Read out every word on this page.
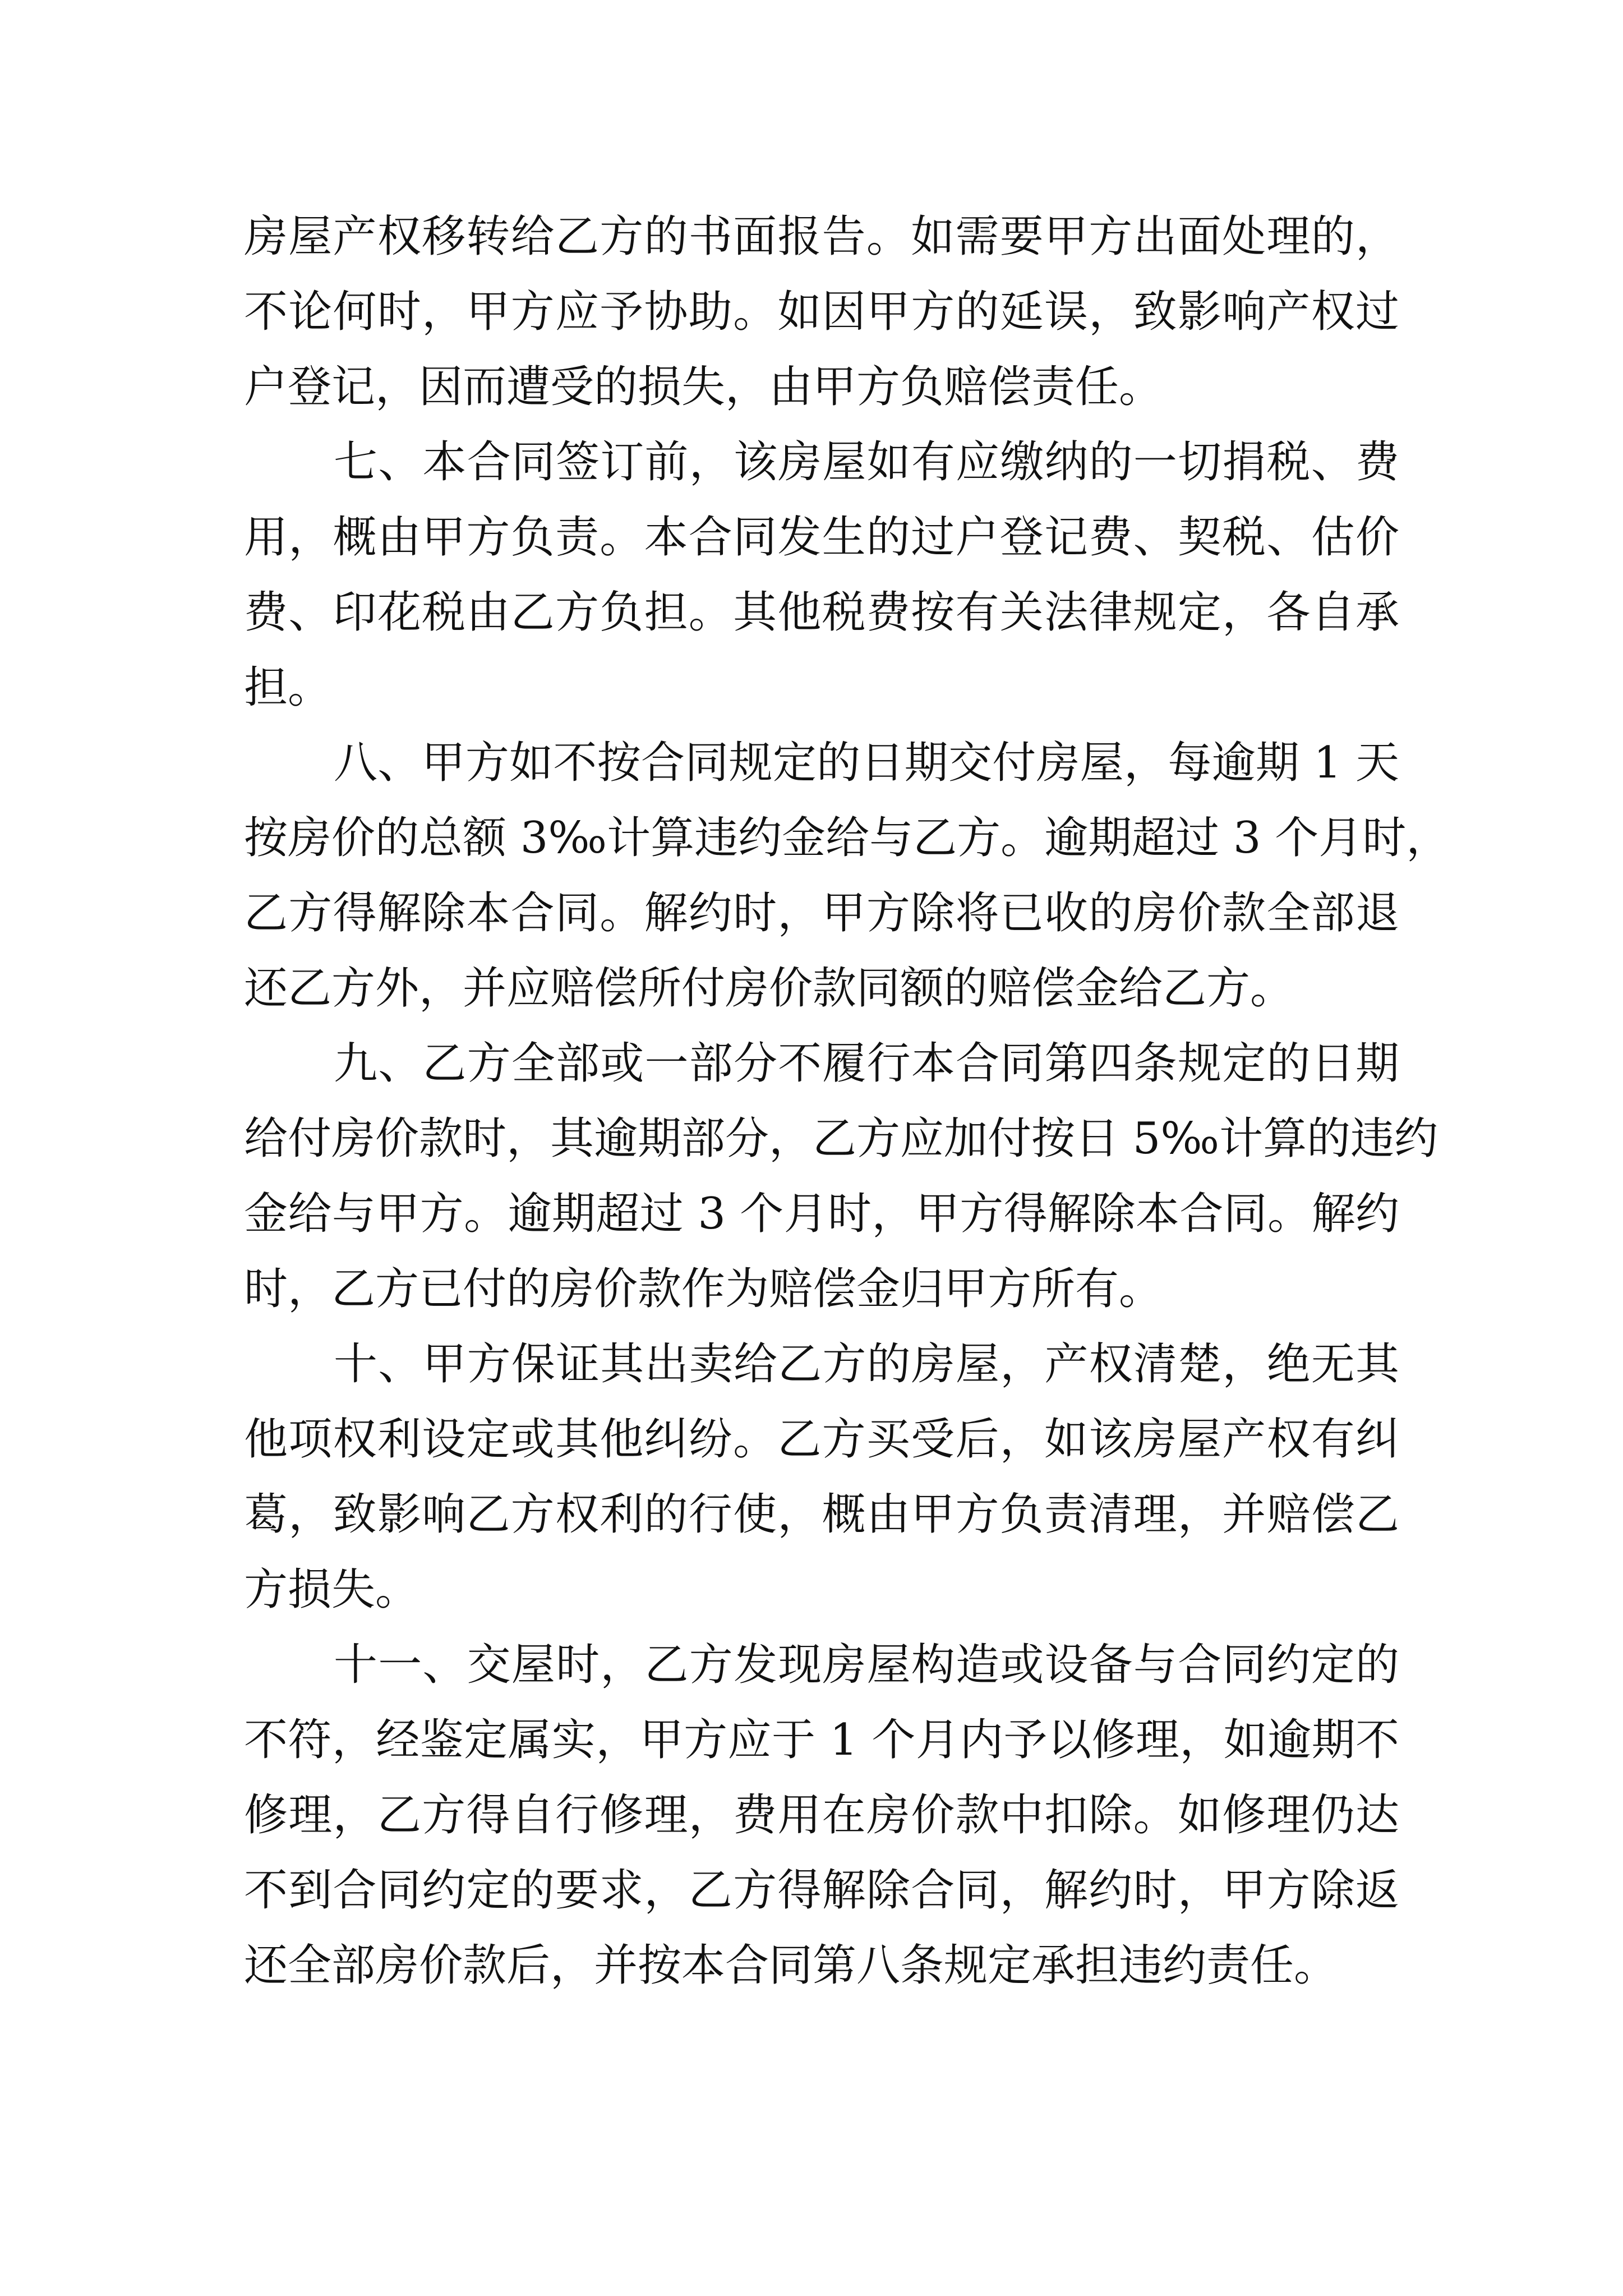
房屋产权移转给乙方的书面报告。如需要甲方出面处理的，
不论何时，甲方应予协助。如因甲方的延误，致影响产权过
户登记，因而遭受的损失，由甲方负赔偿责任。
七、本合同签订前，该房屋如有应缴纳的一切捐税、费
用，概由甲方负责。本合同发生的过户登记费、契税、估价
费、印花税由乙方负担。其他税费按有关法律规定，各自承
担。
八、甲方如不按合同规定的日期交付房屋，每逾期 1 天
按房价的总额 3‰计算违约金给与乙方。逾期超过 3 个月时，
乙方得解除本合同。解约时，甲方除将已收的房价款全部退
还乙方外，并应赔偿所付房价款同额的赔偿金给乙方。
九、乙方全部或一部分不履行本合同第四条规定的日期
给付房价款时，其逾期部分，乙方应加付按日 5‰计算的违约
金给与甲方。逾期超过 3 个月时，甲方得解除本合同。解约
时，乙方已付的房价款作为赔偿金归甲方所有。
十、甲方保证其出卖给乙方的房屋，产权清楚，绝无其
他项权利设定或其他纠纷。乙方买受后，如该房屋产权有纠
葛，致影响乙方权利的行使，概由甲方负责清理，并赔偿乙
方损失。
十一、交屋时，乙方发现房屋构造或设备与合同约定的
不符，经鉴定属实，甲方应于 1 个月内予以修理，如逾期不
修理，乙方得自行修理，费用在房价款中扣除。如修理仍达
不到合同约定的要求，乙方得解除合同，解约时，甲方除返
还全部房价款后，并按本合同第八条规定承担违约责任。
